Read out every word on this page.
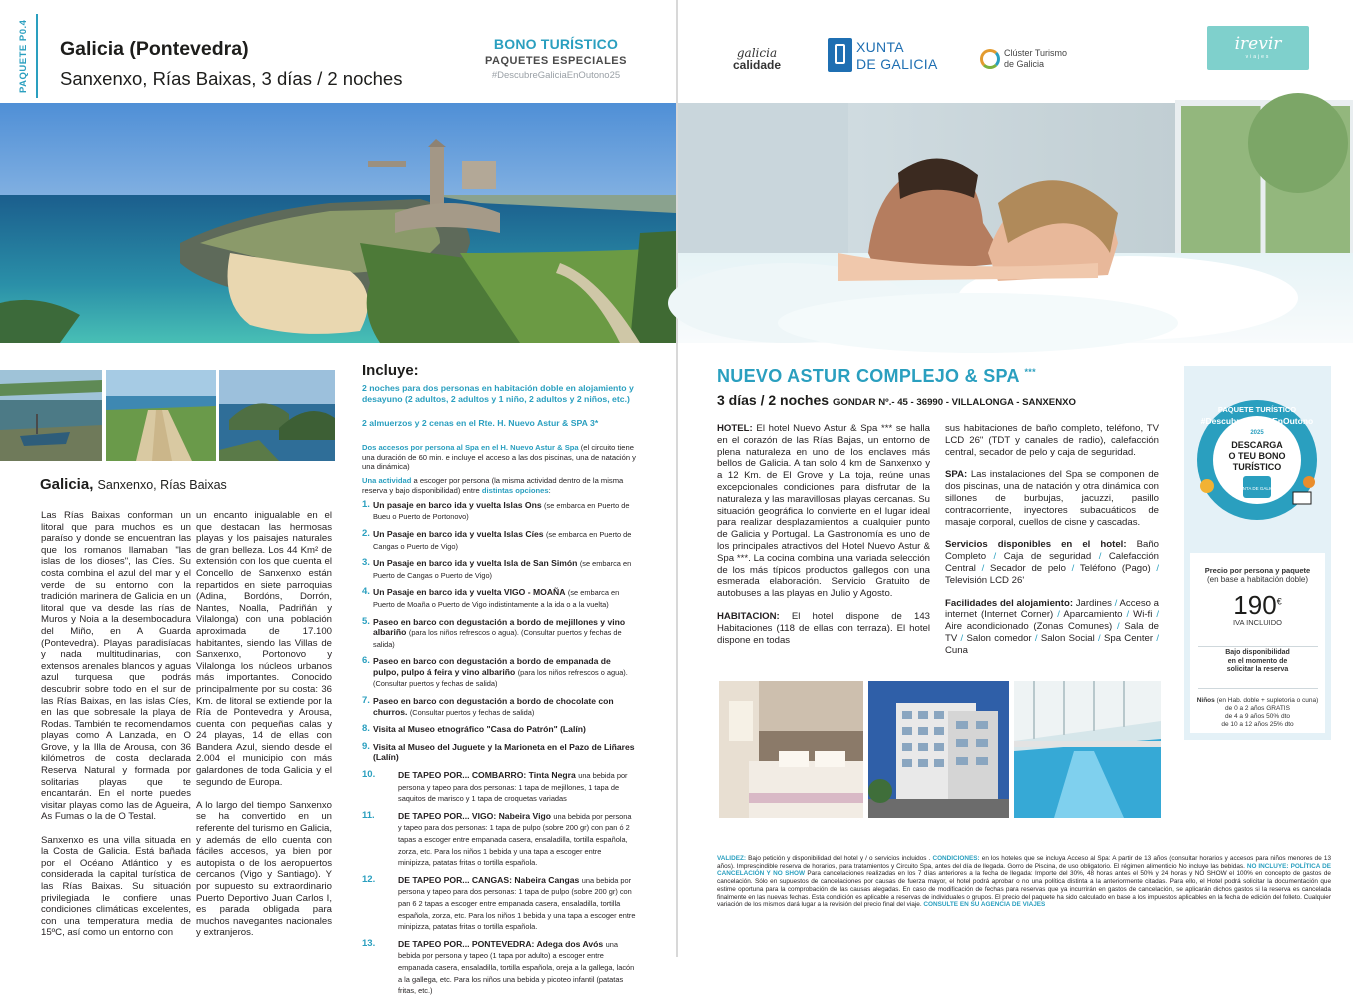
PAQUETE P0.4 Galicia (Pontevedra)
Sanxenxo, Rías Baixas, 3 días / 2 noches
BONO TURÍSTICO
PAQUETES ESPECIALES
#DescubreGaliciaEnOutono25
galicia
calidade
XUNTA
DE GALICIA
Clúster Turismo
de Galicia
irevir
viajes
Galicia, Sanxenxo, Rías Baixas

Las Rías Baixas conforman un litoral que para muchos es un paraíso y donde se encuentran las que los romanos llamaban "las islas de los dioses", las Cíes. Su costa combina el azul del mar y el verde de su entorno con la tradición marinera de Galicia en un litoral que va desde las rías de Muros y Noia a la desembocadura del Miño, en A Guarda (Pontevedra). Playas paradisíacas y nada multitudinarias, con extensos arenales blancos y aguas azul turquesa que podrás descubrir sobre todo en el sur de las Rías Baixas, en las islas Cíes, en las que sobresale la playa de Rodas. También te recomendamos playas como A Lanzada, en O Grove, y la Illa de Arousa, con 36 kilómetros de costa declarada Reserva Natural y formada por solitarias playas que te encantarán. En el norte puedes visitar playas como las de Agueira, As Fumas o la de O Testal.

Sanxenxo es una villa situada en la Costa de Galicia. Está bañada por el Océano Atlántico y es considerada la capital turística de las Rías Baixas. Su situación privilegiada le confiere unas condiciones climáticas excelentes, con una temperatura media de 15ºC, así como un entorno con

un encanto inigualable en el que destacan las hermosas playas y los paisajes naturales de gran belleza. Los 44 Km² de extensión con los que cuenta el Concello de Sanxenxo están repartidos en siete parroquias (Adina, Bordóns, Dorrón, Nantes, Noalla, Padriñán y Vilalonga) con una población aproximada de 17.100 habitantes, siendo las Villas de Sanxenxo, Portonovo y Vilalonga los núcleos urbanos más importantes. Conocido principalmente por su costa: 36 Km. de litoral se extiende por la Ría de Pontevedra y Arousa, cuenta con pequeñas calas y 24 playas, 14 de ellas con Bandera Azul, siendo desde el 2.004 el municipio con más galardones de toda Galicia y el segundo de Europa.

A lo largo del tiempo Sanxenxo se ha convertido en un referente del turismo en Galicia, y además de ello cuenta con fáciles accesos, ya bien por autopista o de los aeropuertos cercanos (Vigo y Santiago). Y por supuesto su extraordinario Puerto Deportivo Juan Carlos I, es parada obligada para muchos navegantes nacionales y extranjeros.

Incluye:

2 noches para dos personas en habitación doble en alojamiento y desayuno (2 adultos, 2 adultos y 1 niño, 2 adultos y 2 niños, etc.)

2 almuerzos y 2 cenas en el Rte. H. Nuevo Astur & SPA 3*

Dos accesos por persona al Spa en el H. Nuevo Astur & Spa (el circuito tiene una duración de 60 min. e incluye el acceso a las dos piscinas, una de natación y una dinámica)

Una actividad a escoger por persona (la misma actividad dentro de la misma reserva y bajo disponibilidad) entre distintas opciones:

1. Un pasaje en barco ida y vuelta Islas Ons (se embarca en Puerto de Bueu o Puerto de Portonovo)
2. Un Pasaje en barco ida y vuelta Islas Cíes (se embarca en Puerto de Cangas o Puerto de Vigo)
3. Un Pasaje en barco ida y vuelta Isla de San Simón (se embarca en Puerto de Cangas o Puerto de Vigo)
4. Un Pasaje en barco ida y vuelta VIGO - MOAÑA (se embarca en Puerto de Moaña o Puerto de Vigo indistintamente a la ida o a la vuelta)
5. Paseo en barco con degustación a bordo de mejillones y vino albariño (para los niños refrescos o agua). (Consultar puertos y fechas de salida)
6. Paseo en barco con degustación a bordo de empanada de pulpo, pulpo á feira y vino albariño (para los niños refrescos o agua). (Consultar puertos y fechas de salida)
7. Paseo en barco con degustación a bordo de chocolate con churros. (Consultar puertos y fechas de salida)
8. Visita al Museo etnográfico "Casa do Patrón" (Lalín)
9. Visita al Museo del Juguete y la Marioneta en el Pazo de Liñares (Lalín)
10.	DE TAPEO POR... COMBARRO: Tinta Negra una bebida por persona y tapeo para dos personas: 1 tapa de mejillones, 1 tapa de saquitos de marisco y 1 tapa de croquetas variadas
11.	DE TAPEO POR... VIGO: Nabeira Vigo una bebida por persona y tapeo para dos personas: 1 tapa de pulpo (sobre 200 gr) con pan ó 2 tapas a escoger entre empanada casera, ensaladilla, tortilla española, zorza, etc. Para los niños 1 bebida y una tapa a escoger entre minipizza, patatas fritas o tortilla española.
12.	DE TAPEO POR... CANGAS: Nabeira Cangas una bebida por persona y tapeo para dos personas: 1 tapa de pulpo (sobre 200 gr) con pan 6 2 tapas a escoger entre empanada casera, ensaladilla, tortilla española, zorza, etc. Para los niños 1 bebida y una tapa a escoger entre minipizza, patatas fritas o tortilla española.
13.	DE TAPEO POR... PONTEVEDRA: Adega dos Avós una bebida por persona y tapeo (1 tapa por adulto) a escoger entre empanada casera, ensaladilla, tortilla española, oreja a la gallega, lacón a la gallega, etc. Para los niños una bebida y picoteo infantil (patatas fritas, etc.)
NUEVO ASTUR COMPLEJO & SPA ***
3 días / 2 noches GONDAR Nº.- 45 - 36990 - VILLALONGA - SANXENXO

HOTEL: El hotel Nuevo Astur & Spa *** se halla en el corazón de las Rías Bajas, un entorno de plena naturaleza en uno de los enclaves más bellos de Galicia. A tan solo 4 km de Sanxenxo y a 12 Km. de El Grove y La toja, reúne unas excepcionales condiciones para disfrutar de la naturaleza y las maravillosas playas cercanas. Su situación geográfica lo convierte en el lugar ideal para realizar desplazamientos a cualquier punto de Galicia y Portugal. La Gastronomía es uno de los principales atractivos del Hotel Nuevo Astur & Spa ***. La cocina combina una variada selección de los más típicos productos gallegos con una esmerada elaboración. Servicio Gratuito de autobuses a las playas en Julio y Agosto.

HABITACION: El hotel dispone de 143 Habitaciones (118 de ellas con terraza). El hotel dispone en todas

sus habitaciones de baño completo, teléfono, TV LCD 26" (TDT y canales de radio), calefacción central, secador de pelo y caja de seguridad.

SPA: Las instalaciones del Spa se componen de dos piscinas, una de natación y otra dinámica con sillones de burbujas, jacuzzi, pasillo contracorriente, inyectores subacuáticos de masaje corporal, cuellos de cisne y cascadas.

Servicios disponibles en el hotel: Baño Completo / Caja de seguridad / Calefacción Central / Secador de pelo / Teléfono (Pago) / Televisión LCD 26'

Facilidades del alojamiento: Jardines / Acceso a internet (Internet Corner) / Aparcamiento / Wi-fi / Aire acondicionado (Zonas Comunes) / Sala de TV / Salon comedor / Salon Social / Spa Center / Cuna

PAQUETE TURÍSTICO
#DescubreGaliciaEnOutono
DESCARGA
O TEU BONO
TURÍSTICO
2025
XUNTA DE GALICIA
Precio por persona y paquete
(en base a habitación doble)
190€
IVA INCLUIDO
Bajo disponibilidad
en el momento de
solicitar la reserva
Niños (en Hab. doble + supletoria o cuna)
de 0 a 2 años GRATIS
de 4 a 9 años 50% dto
de 10 a 12 años 25% dto
VALIDEZ: Bajo petición y disponibilidad del hotel y / o servicios incluidos . CONDICIONES: en los hoteles que se incluya Acceso al Spa: A partir de 13 años (consultar horarios y accesos para niños menores de 13 años). Imprescindible reserva de horarios, para tratamientos y Circuito Spa, antes del día de llegada. Gorro de Piscina, de uso obligatorio. El régimen alimenticio No incluye las bebidas. NO INCLUYE: POLÍTICA DE CANCELACIÓN Y NO SHOW Para cancelaciones realizadas en los 7 días anteriores a la fecha de llegada: Importe del 30%, 48 horas antes el 50% y 24 horas y NO SHOW el 100% en concepto de gastos de cancelación. Sólo en supuestos de cancelaciones por causas de fuerza mayor, el hotel podrá aprobar o no una política distinta a la anteriormente citadas. Para ello, el Hotel podrá solicitar la documentación que estime oportuna para la comprobación de las causas alegadas. En caso de modificación de fechas para reservas que ya incurrirán en gastos de cancelación, se aplicarán dichos gastos si la reserva es cancelada finalmente en las nuevas fechas. Esta condición es aplicable a reservas de individuales o grupos. El precio del paquete ha sido calculado en base a los impuestos aplicables en la fecha de edición del folleto. Cualquier variación de los mismos dará lugar a la revisión del precio final del viaje. CONSULTE EN SU AGENCIA DE VIAJES
